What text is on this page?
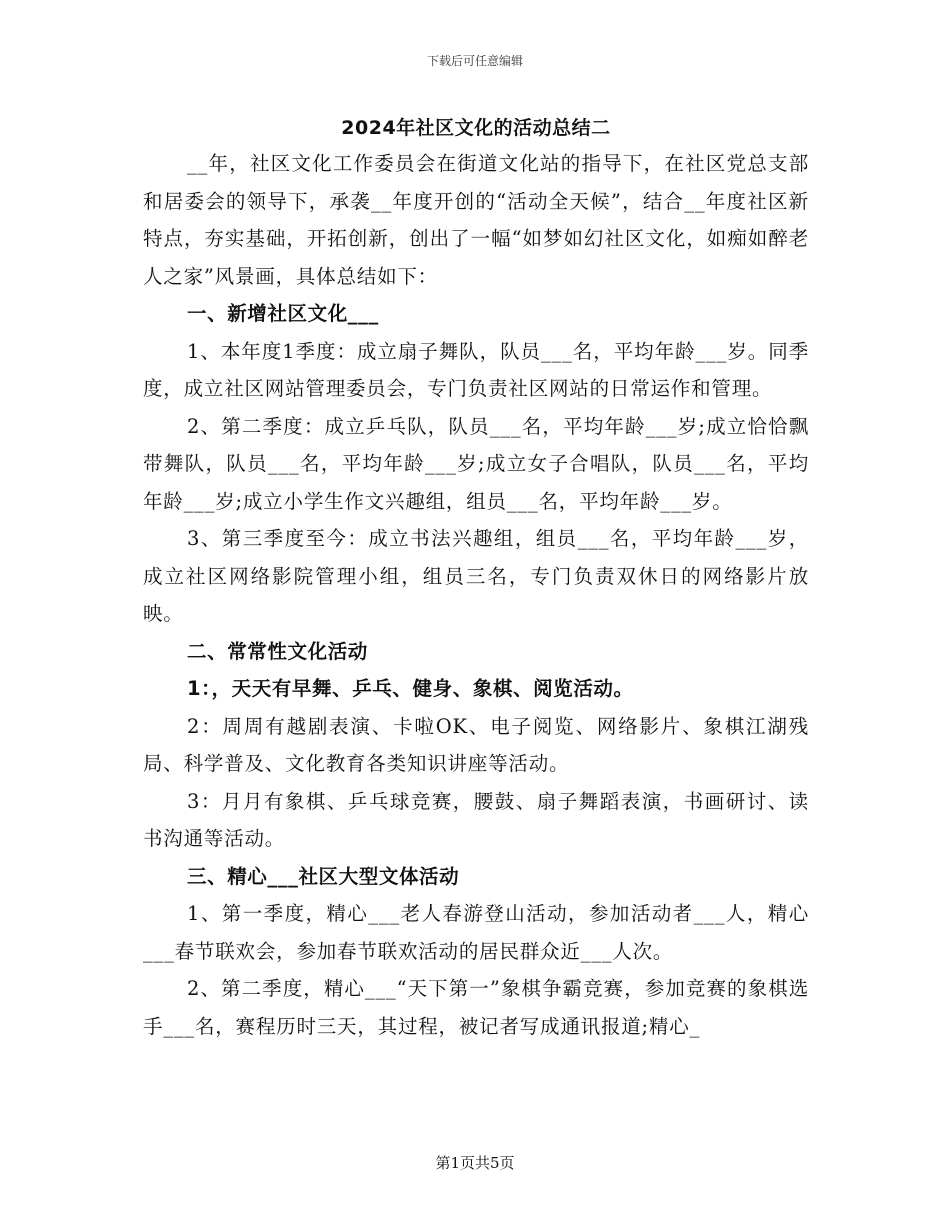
下载后可任意编辑
2024年社区文化的活动总结二

__年，社区文化工作委员会在街道文化站的指导下，在社区党总支部和居委会的领导下，承袭__年度开创的“活动全天候”，结合__年度社区新特点，夯实基础，开拓创新，创出了一幅“如梦如幻社区文化，如痴如醉老人之家”风景画，具体总结如下：

一、新增社区文化___

1、本年度1季度：成立扇子舞队，队员___名，平均年龄___岁。同季度，成立社区网站管理委员会，专门负责社区网站的日常运作和管理。

2、第二季度：成立乒乓队，队员___名，平均年龄___岁;成立恰恰飘带舞队，队员___名，平均年龄___岁;成立女子合唱队，队员___名，平均年龄___岁;成立小学生作文兴趣组，组员___名，平均年龄___岁。

3、第三季度至今：成立书法兴趣组，组员___名，平均年龄___岁，成立社区网络影院管理小组，组员三名，专门负责双休日的网络影片放映。

二、常常性文化活动

1：，天天有早舞、乒乓、健身、象棋、阅览活动。

2：周周有越剧表演、卡啦OK、电子阅览、网络影片、象棋江湖残局、科学普及、文化教育各类知识讲座等活动。

3：月月有象棋、乒乓球竞赛，腰鼓、扇子舞蹈表演，书画研讨、读书沟通等活动。

三、精心___社区大型文体活动

1、第一季度，精心___老人春游登山活动，参加活动者___人，精心___春节联欢会，参加春节联欢活动的居民群众近___人次。

2、第二季度，精心___“天下第一”象棋争霸竞赛，参加竞赛的象棋选手___名，赛程历时三天，其过程，被记者写成通讯报道;精心_

第1页共5页
